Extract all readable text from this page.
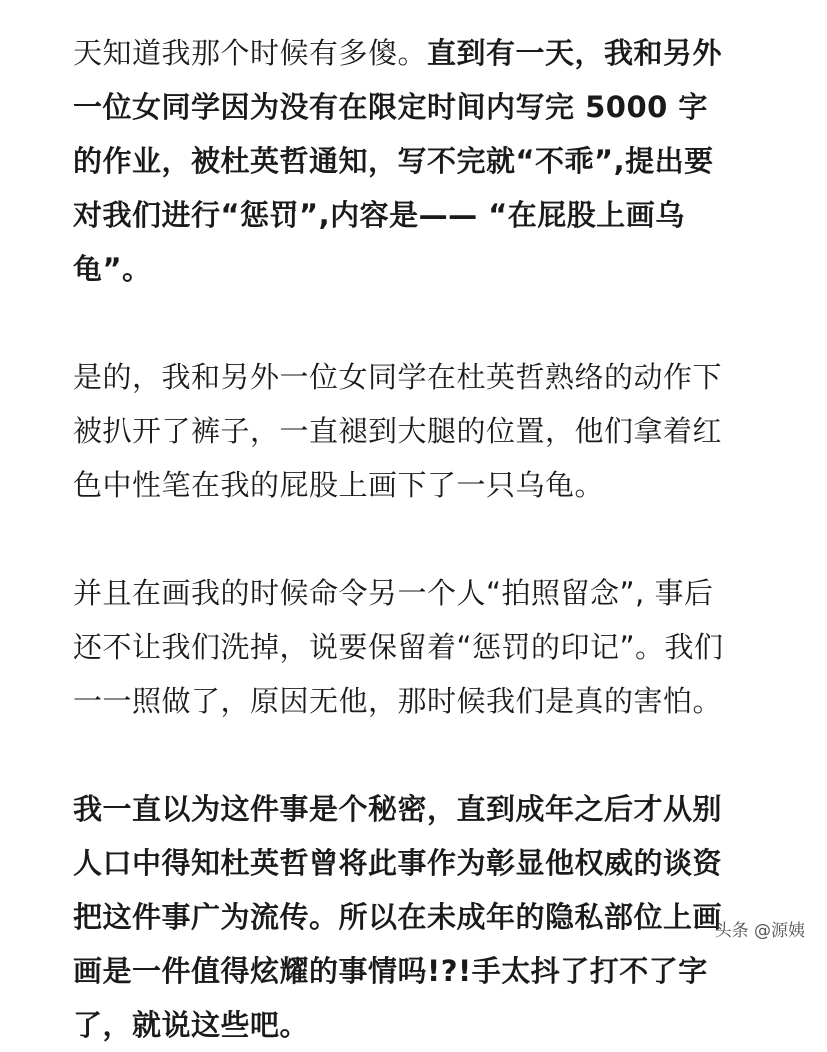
天知道我那个时候有多傻。直到有一天，我和另外
一位女同学因为没有在限定时间内写完 5000 字
的作业，被杜英哲通知，写不完就“不乖”,提出要
对我们进行“惩罚”,内容是—— “在屁股上画乌
龟”。
是的，我和另外一位女同学在杜英哲熟络的动作下
被扒开了裤子，一直褪到大腿的位置，他们拿着红
色中性笔在我的屁股上画下了一只乌龟。
并且在画我的时候命令另一个人“拍照留念”, 事后
还不让我们洗掉，说要保留着“惩罚的印记”。我们
一一照做了，原因无他，那时候我们是真的害怕。
我一直以为这件事是个秘密，直到成年之后才从别
人口中得知杜英哲曾将此事作为彰显他权威的谈资
把这件事广为流传。所以在未成年的隐私部位上画
画是一件值得炫耀的事情吗!?!手太抖了打不了字
了，就说这些吧。
头条 @源姨
